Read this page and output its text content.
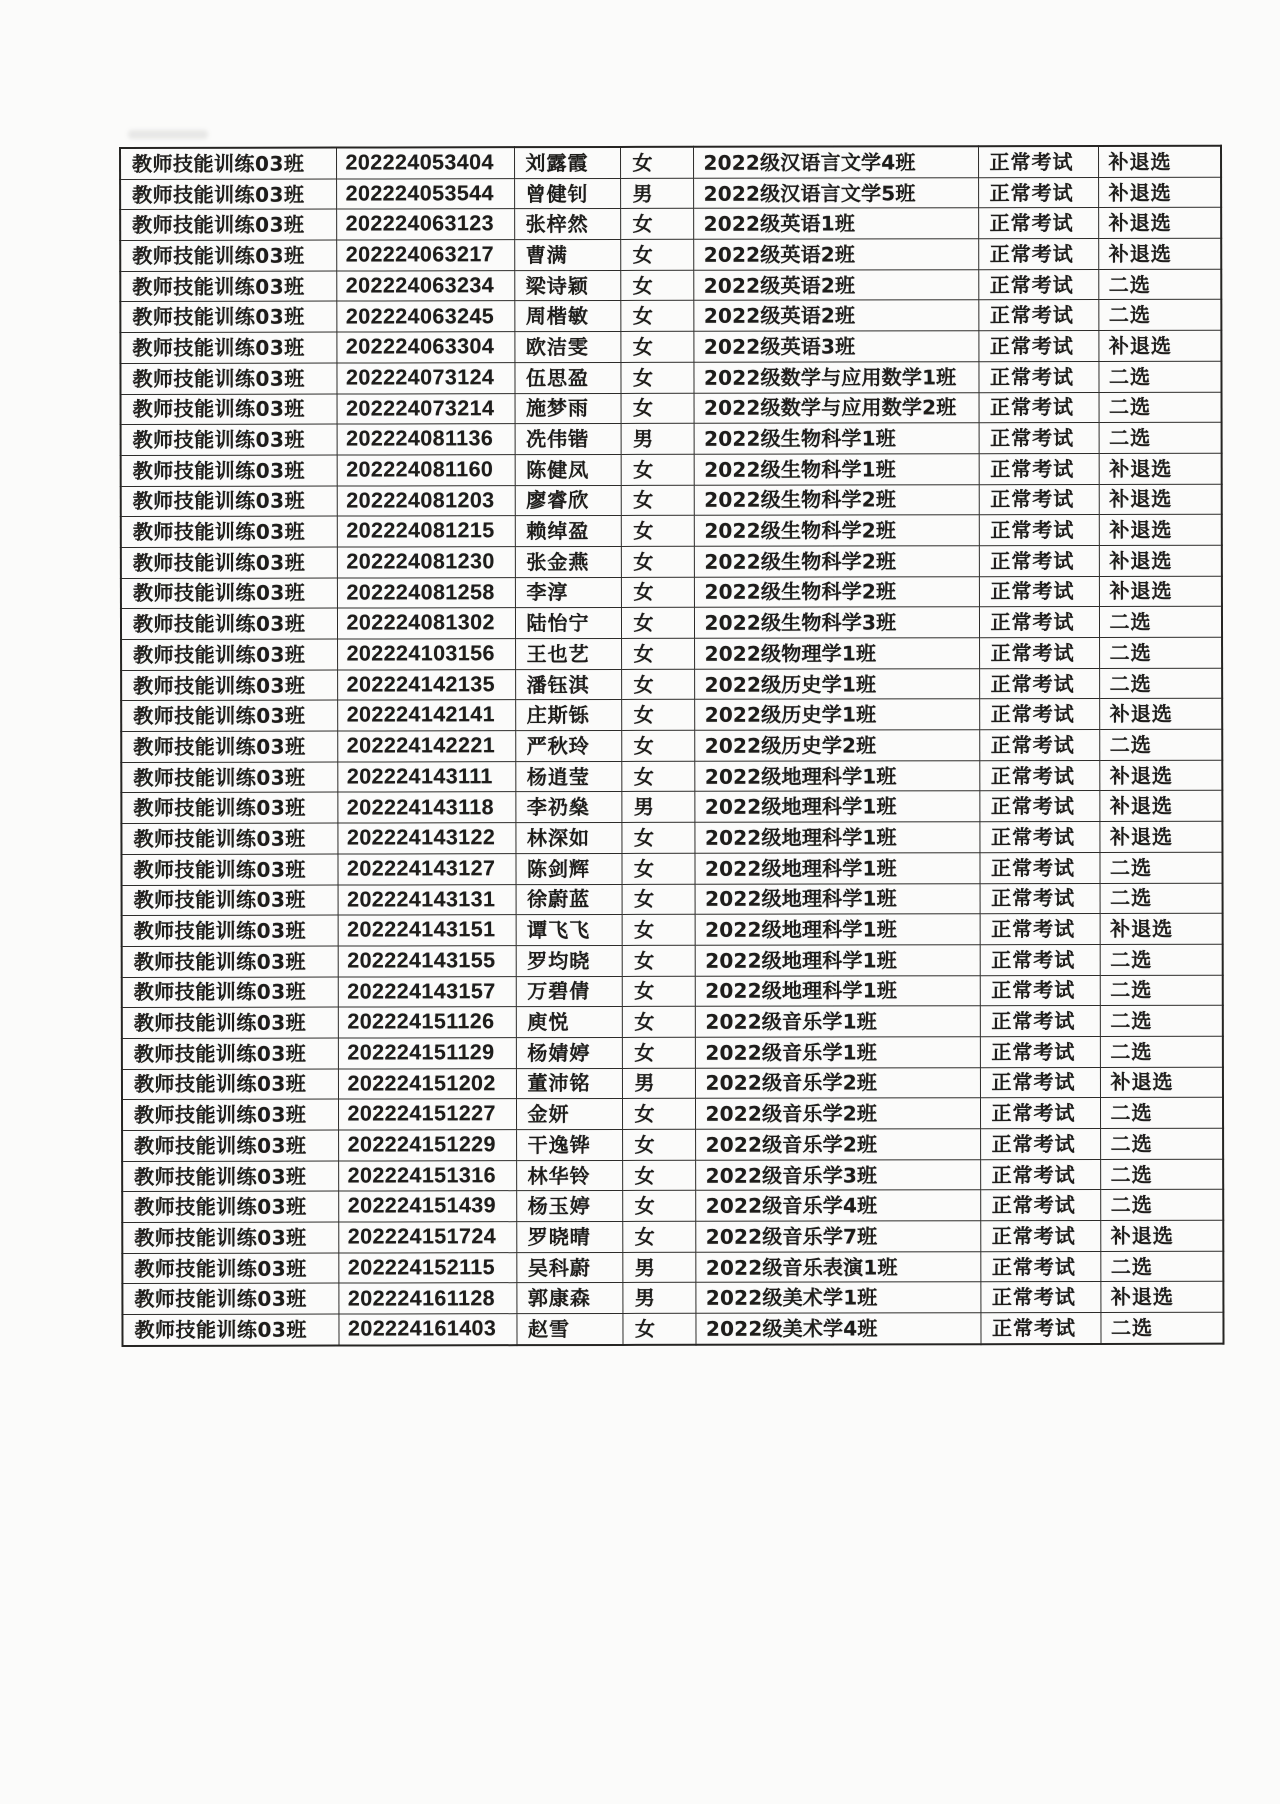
教师技能训练03班	202224053404	刘露霞	女	2022级汉语言文学4班	正常考试	补退选
教师技能训练03班	202224053544	曾健钊	男	2022级汉语言文学5班	正常考试	补退选
教师技能训练03班	202224063123	张梓然	女	2022级英语1班	正常考试	补退选
教师技能训练03班	202224063217	曹满	女	2022级英语2班	正常考试	补退选
教师技能训练03班	202224063234	梁诗颖	女	2022级英语2班	正常考试	二选
教师技能训练03班	202224063245	周楷敏	女	2022级英语2班	正常考试	二选
教师技能训练03班	202224063304	欧洁雯	女	2022级英语3班	正常考试	补退选
教师技能训练03班	202224073124	伍思盈	女	2022级数学与应用数学1班	正常考试	二选
教师技能训练03班	202224073214	施梦雨	女	2022级数学与应用数学2班	正常考试	二选
教师技能训练03班	202224081136	冼伟锴	男	2022级生物科学1班	正常考试	二选
教师技能训练03班	202224081160	陈健凤	女	2022级生物科学1班	正常考试	补退选
教师技能训练03班	202224081203	廖睿欣	女	2022级生物科学2班	正常考试	补退选
教师技能训练03班	202224081215	赖绰盈	女	2022级生物科学2班	正常考试	补退选
教师技能训练03班	202224081230	张金燕	女	2022级生物科学2班	正常考试	补退选
教师技能训练03班	202224081258	李淳	女	2022级生物科学2班	正常考试	补退选
教师技能训练03班	202224081302	陆怡宁	女	2022级生物科学3班	正常考试	二选
教师技能训练03班	202224103156	王也艺	女	2022级物理学1班	正常考试	二选
教师技能训练03班	202224142135	潘钰淇	女	2022级历史学1班	正常考试	二选
教师技能训练03班	202224142141	庄斯铄	女	2022级历史学1班	正常考试	补退选
教师技能训练03班	202224142221	严秋玲	女	2022级历史学2班	正常考试	二选
教师技能训练03班	202224143111	杨逍莹	女	2022级地理科学1班	正常考试	补退选
教师技能训练03班	202224143118	李礽燊	男	2022级地理科学1班	正常考试	补退选
教师技能训练03班	202224143122	林深如	女	2022级地理科学1班	正常考试	补退选
教师技能训练03班	202224143127	陈剑辉	女	2022级地理科学1班	正常考试	二选
教师技能训练03班	202224143131	徐蔚蓝	女	2022级地理科学1班	正常考试	二选
教师技能训练03班	202224143151	谭飞飞	女	2022级地理科学1班	正常考试	补退选
教师技能训练03班	202224143155	罗均晓	女	2022级地理科学1班	正常考试	二选
教师技能训练03班	202224143157	万碧倩	女	2022级地理科学1班	正常考试	二选
教师技能训练03班	202224151126	庾悦	女	2022级音乐学1班	正常考试	二选
教师技能训练03班	202224151129	杨婧婷	女	2022级音乐学1班	正常考试	二选
教师技能训练03班	202224151202	董沛铭	男	2022级音乐学2班	正常考试	补退选
教师技能训练03班	202224151227	金妍	女	2022级音乐学2班	正常考试	二选
教师技能训练03班	202224151229	干逸铧	女	2022级音乐学2班	正常考试	二选
教师技能训练03班	202224151316	林华铃	女	2022级音乐学3班	正常考试	二选
教师技能训练03班	202224151439	杨玉婷	女	2022级音乐学4班	正常考试	二选
教师技能训练03班	202224151724	罗晓晴	女	2022级音乐学7班	正常考试	补退选
教师技能训练03班	202224152115	吴科蔚	男	2022级音乐表演1班	正常考试	二选
教师技能训练03班	202224161128	郭康森	男	2022级美术学1班	正常考试	补退选
教师技能训练03班	202224161403	赵雪	女	2022级美术学4班	正常考试	二选
